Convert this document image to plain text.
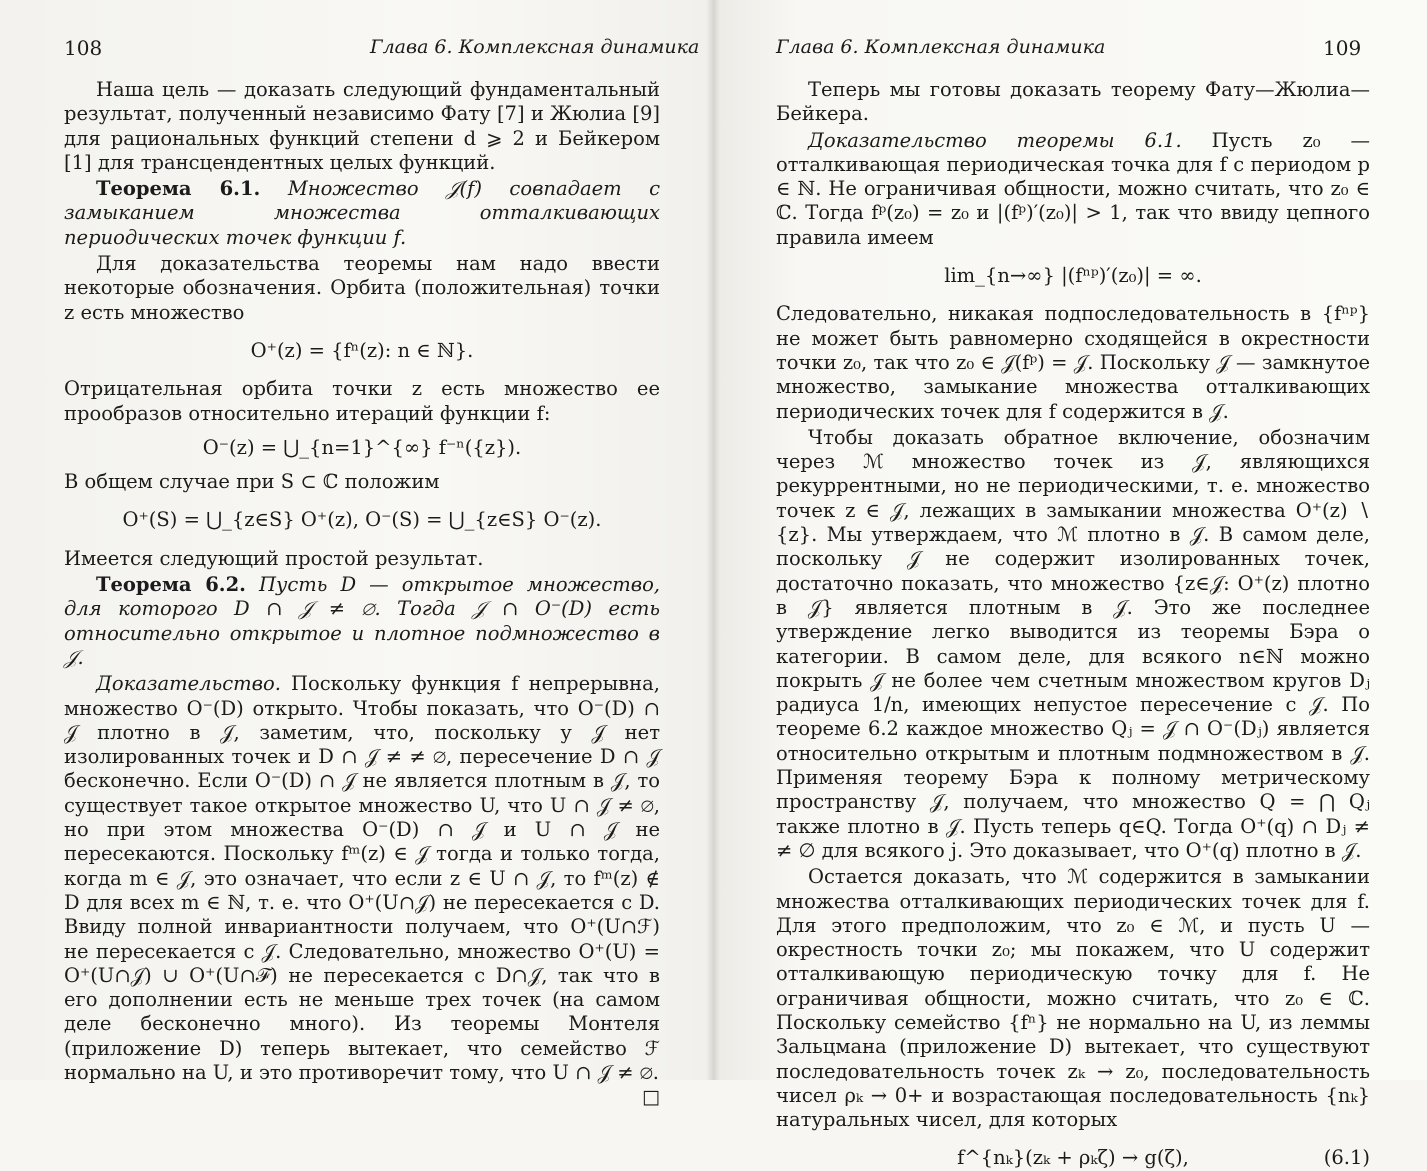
108	Глава 6. Комплексная динамика

Наша цель — доказать следующий фундаментальный результат, полученный независимо Фату [7] и Жюлиа [9] для рациональных функций степени d ⩾ 2 и Бейкером [1] для трансцендентных целых функций.

Теорема 6.1. Множество 𝒥(f) совпадает с замыканием множества отталкивающих периодических точек функции f.

Для доказательства теоремы нам надо ввести некоторые обозначения. Орбита (положительная) точки z есть множество

O⁺(z) = {fⁿ(z): n ∈ ℕ}.

Отрицательная орбита точки z есть множество ее прообразов относительно итераций функции f:

O⁻(z) = ⋃_{n=1}^{∞} f⁻ⁿ({z}).

В общем случае при S ⊂ ℂ положим

O⁺(S) = ⋃_{z∈S} O⁺(z), O⁻(S) = ⋃_{z∈S} O⁻(z).

Имеется следующий простой результат.

Теорема 6.2. Пусть D — открытое множество, для которого D ∩ 𝒥 ≠ ∅. Тогда 𝒥 ∩ O⁻(D) есть относительно открытое и плотное подмножество в 𝒥.

Доказательство. Поскольку функция f непрерывна, множество O⁻(D) открыто. Чтобы показать, что O⁻(D) ∩ 𝒥 плотно в 𝒥, заметим, что, поскольку у 𝒥 нет изолированных точек и D ∩ 𝒥 ≠ ≠ ∅, пересечение D ∩ 𝒥 бесконечно. Если O⁻(D) ∩ 𝒥 не является плотным в 𝒥, то существует такое открытое множество U, что U ∩ 𝒥 ≠ ∅, но при этом множества O⁻(D) ∩ 𝒥 и U ∩ 𝒥 не пересекаются. Поскольку fᵐ(z) ∈ 𝒥 тогда и только тогда, когда m ∈ 𝒥, это означает, что если z ∈ U ∩ 𝒥, то fᵐ(z) ∉ D для всех m ∈ ℕ, т. е. что O⁺(U∩𝒥) не пересекается с D. Ввиду полной инвариантности получаем, что O⁺(U∩ℱ) не пересекается с 𝒥. Следовательно, множество O⁺(U) = O⁺(U∩𝒥) ∪ O⁺(U∩ℱ) не пересекается с D∩𝒥, так что в его дополнении есть не меньше трех точек (на самом деле бесконечно много). Из теоремы Монтеля (приложение D) теперь вытекает, что семейство ℱ нормально на U, и это противоречит тому, что U ∩ 𝒥 ≠ ∅.
□

Глава 6. Комплексная динамика	109

Теперь мы готовы доказать теорему Фату—Жюлиа—Бейкера.

Доказательство теоремы 6.1. Пусть z₀ — отталкивающая периодическая точка для f с периодом p ∈ ℕ. Не ограничивая общности, можно считать, что z₀ ∈ ℂ. Тогда fᵖ(z₀) = z₀ и |(fᵖ)′(z₀)| > 1, так что ввиду цепного правила имеем

lim_{n→∞} |(fⁿᵖ)′(z₀)| = ∞.

Следовательно, никакая подпоследовательность в {fⁿᵖ} не может быть равномерно сходящейся в окрестности точки z₀, так что z₀ ∈ 𝒥(fᵖ) = 𝒥. Поскольку 𝒥 — замкнутое множество, замыкание множества отталкивающих периодических точек для f содержится в 𝒥.

Чтобы доказать обратное включение, обозначим через ℳ множество точек из 𝒥, являющихся рекуррентными, но не периодическими, т. е. множество точек z ∈ 𝒥, лежащих в замыкании множества O⁺(z) ∖ {z}. Мы утверждаем, что ℳ плотно в 𝒥. В самом деле, поскольку 𝒥 не содержит изолированных точек, достаточно показать, что множество {z∈𝒥: O⁺(z) плотно в 𝒥} является плотным в 𝒥. Это же последнее утверждение легко выводится из теоремы Бэра о категории. В самом деле, для всякого n∈ℕ можно покрыть 𝒥 не более чем счетным множеством кругов Dⱼ радиуса 1/n, имеющих непустое пересечение с 𝒥. По теореме 6.2 каждое множество Qⱼ = 𝒥 ∩ O⁻(Dⱼ) является относительно открытым и плотным подмножеством в 𝒥. Применяя теорему Бэра к полному метрическому пространству 𝒥, получаем, что множество Q = ⋂ Qⱼ также плотно в 𝒥. Пусть теперь q∈Q. Тогда O⁺(q) ∩ Dⱼ ≠ ≠ ∅ для всякого j. Это доказывает, что O⁺(q) плотно в 𝒥.

Остается доказать, что ℳ содержится в замыкании множества отталкивающих периодических точек для f. Для этого предположим, что z₀ ∈ ℳ, и пусть U — окрестность точки z₀; мы покажем, что U содержит отталкивающую периодическую точку для f. Не ограничивая общности, можно считать, что z₀ ∈ ℂ. Поскольку семейство {fⁿ} не нормально на U, из леммы Зальцмана (приложение D) вытекает, что существуют последовательность точек zₖ → z₀, последовательность чисел ρₖ → 0+ и возрастающая последовательность {nₖ} натуральных чисел, для которых

f^{nₖ}(zₖ + ρₖζ) → g(ζ),	(6.1)
